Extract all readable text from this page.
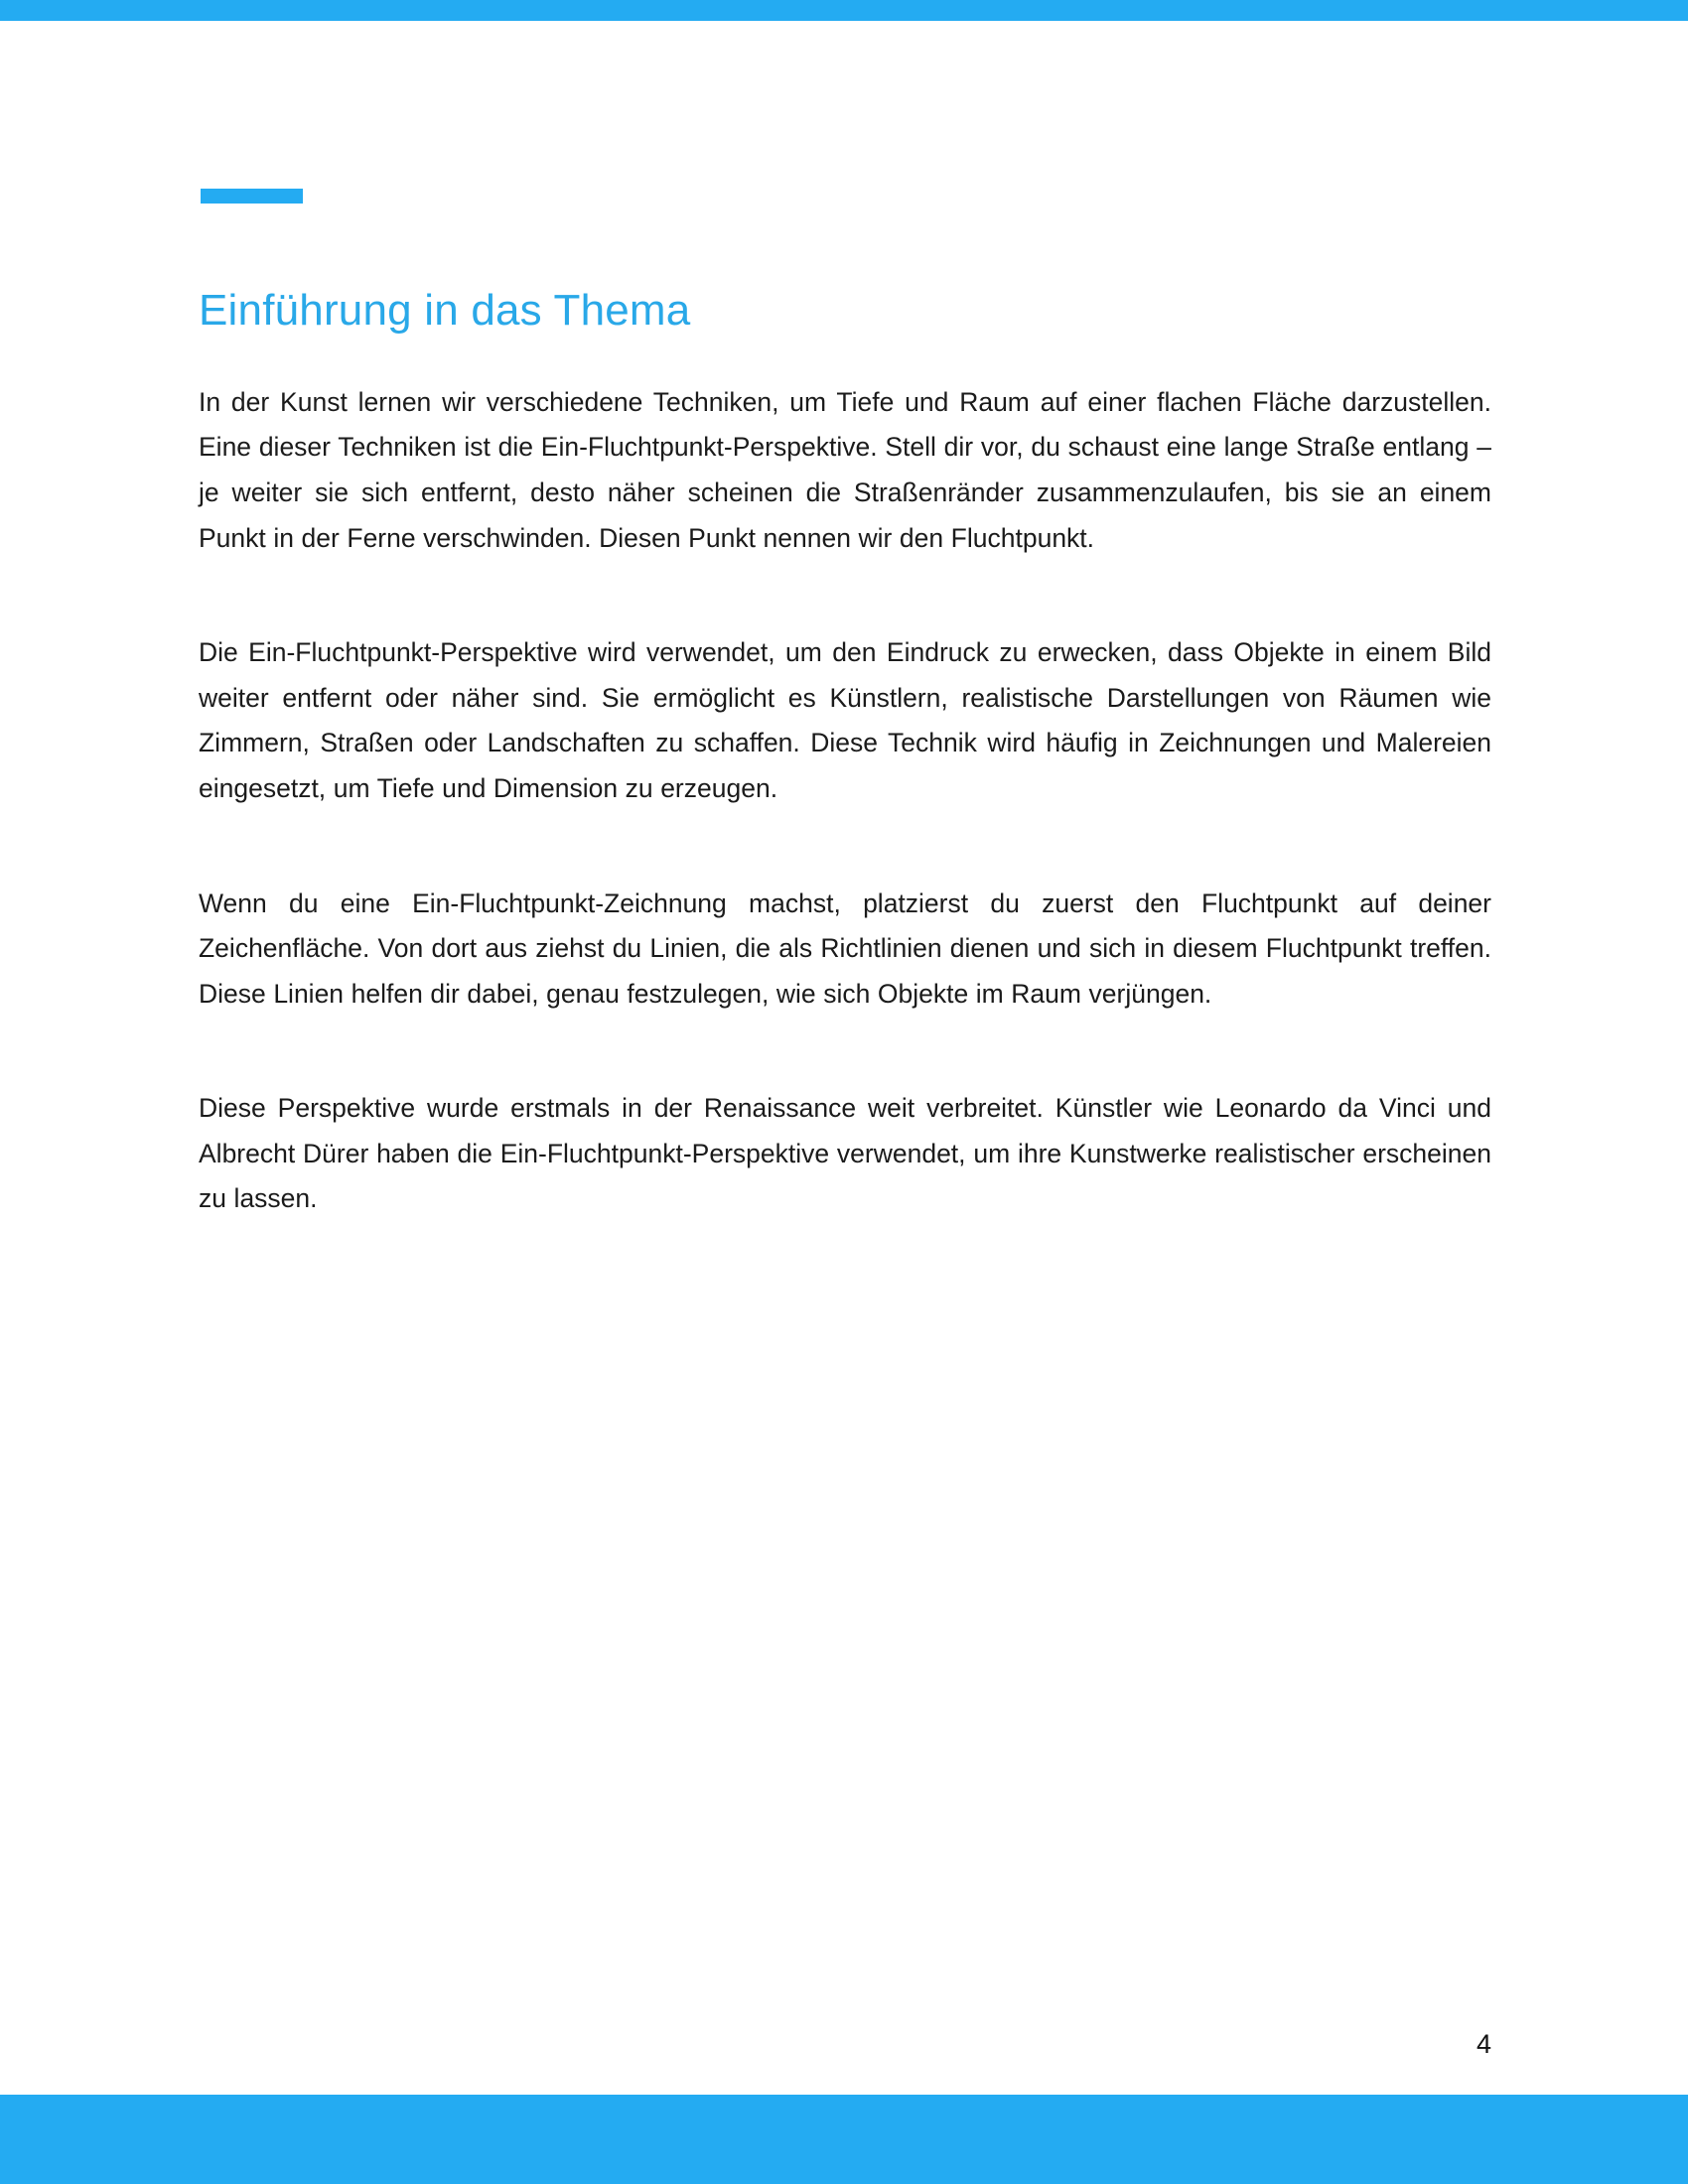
Einführung in das Thema

In der Kunst lernen wir verschiedene Techniken, um Tiefe und Raum auf einer flachen Fläche darzustellen. Eine dieser Techniken ist die Ein-Fluchtpunkt-Perspektive. Stell dir vor, du schaust eine lange Straße entlang – je weiter sie sich entfernt, desto näher scheinen die Straßenränder zusammenzulaufen, bis sie an einem Punkt in der Ferne verschwinden. Diesen Punkt nennen wir den Fluchtpunkt.

Die Ein-Fluchtpunkt-Perspektive wird verwendet, um den Eindruck zu erwecken, dass Objekte in einem Bild weiter entfernt oder näher sind. Sie ermöglicht es Künstlern, realistische Darstellungen von Räumen wie Zimmern, Straßen oder Landschaften zu schaffen. Diese Technik wird häufig in Zeichnungen und Malereien eingesetzt, um Tiefe und Dimension zu erzeugen.

Wenn du eine Ein-Fluchtpunkt-Zeichnung machst, platzierst du zuerst den Fluchtpunkt auf deiner Zeichenfläche. Von dort aus ziehst du Linien, die als Richtlinien dienen und sich in diesem Fluchtpunkt treffen. Diese Linien helfen dir dabei, genau festzulegen, wie sich Objekte im Raum verjüngen.

Diese Perspektive wurde erstmals in der Renaissance weit verbreitet. Künstler wie Leonardo da Vinci und Albrecht Dürer haben die Ein-Fluchtpunkt-Perspektive verwendet, um ihre Kunstwerke realistischer erscheinen zu lassen.

4
